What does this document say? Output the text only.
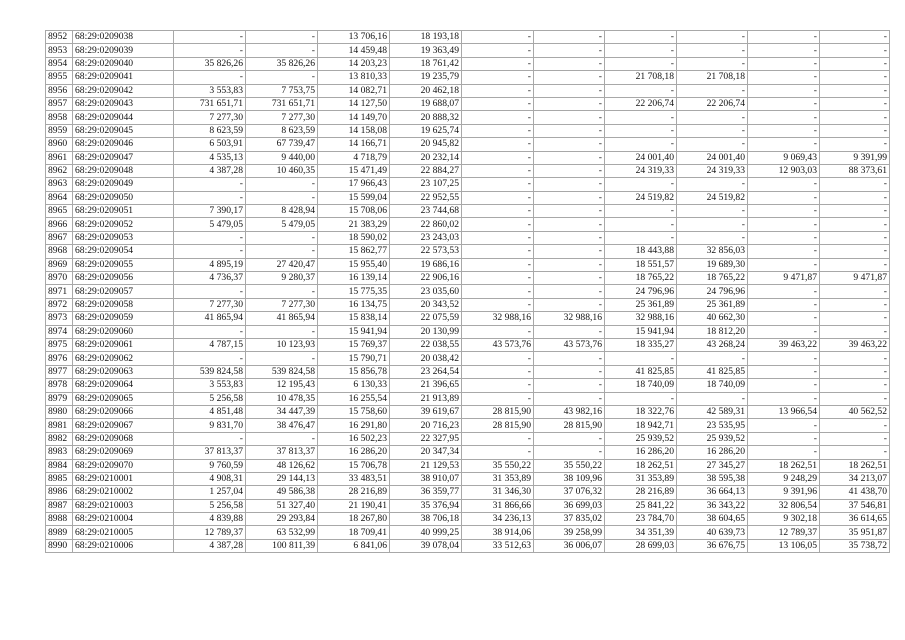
8952	68:29:0209038	-	-	13 706,16	18 193,18	-	-	-	-	-	-
8953	68:29:0209039	-	-	14 459,48	19 363,49	-	-	-	-	-	-
8954	68:29:0209040	35 826,26	35 826,26	14 203,23	18 761,42	-	-	-	-	-	-
8955	68:29:0209041	-	-	13 810,33	19 235,79	-	-	21 708,18	21 708,18	-	-
8956	68:29:0209042	3 553,83	7 753,75	14 082,71	20 462,18	-	-	-	-	-	-
8957	68:29:0209043	731 651,71	731 651,71	14 127,50	19 688,07	-	-	22 206,74	22 206,74	-	-
8958	68:29:0209044	7 277,30	7 277,30	14 149,70	20 888,32	-	-	-	-	-	-
8959	68:29:0209045	8 623,59	8 623,59	14 158,08	19 625,74	-	-	-	-	-	-
8960	68:29:0209046	6 503,91	67 739,47	14 166,71	20 945,82	-	-	-	-	-	-
8961	68:29:0209047	4 535,13	9 440,00	4 718,79	20 232,14	-	-	24 001,40	24 001,40	9 069,43	9 391,99
8962	68:29:0209048	4 387,28	10 460,35	15 471,49	22 884,27	-	-	24 319,33	24 319,33	12 903,03	88 373,61
8963	68:29:0209049	-	-	17 966,43	23 107,25	-	-	-	-	-	-
8964	68:29:0209050	-	-	15 599,04	22 952,55	-	-	24 519,82	24 519,82	-	-
8965	68:29:0209051	7 390,17	8 428,94	15 708,06	23 744,68	-	-	-	-	-	-
8966	68:29:0209052	5 479,05	5 479,05	21 383,29	22 860,02	-	-	-	-	-	-
8967	68:29:0209053	-	-	18 590,02	23 243,03	-	-	-	-	-	-
8968	68:29:0209054	-	-	15 862,77	22 573,53	-	-	18 443,88	32 856,03	-	-
8969	68:29:0209055	4 895,19	27 420,47	15 955,40	19 686,16	-	-	18 551,57	19 689,30	-	-
8970	68:29:0209056	4 736,37	9 280,37	16 139,14	22 906,16	-	-	18 765,22	18 765,22	9 471,87	9 471,87
8971	68:29:0209057	-	-	15 775,35	23 035,60	-	-	24 796,96	24 796,96	-	-
8972	68:29:0209058	7 277,30	7 277,30	16 134,75	20 343,52	-	-	25 361,89	25 361,89	-	-
8973	68:29:0209059	41 865,94	41 865,94	15 838,14	22 075,59	32 988,16	32 988,16	32 988,16	40 662,30	-	-
8974	68:29:0209060	-	-	15 941,94	20 130,99	-	-	15 941,94	18 812,20	-	-
8975	68:29:0209061	4 787,15	10 123,93	15 769,37	22 038,55	43 573,76	43 573,76	18 335,27	43 268,24	39 463,22	39 463,22
8976	68:29:0209062	-	-	15 790,71	20 038,42	-	-	-	-	-	-
8977	68:29:0209063	539 824,58	539 824,58	15 856,78	23 264,54	-	-	41 825,85	41 825,85	-	-
8978	68:29:0209064	3 553,83	12 195,43	6 130,33	21 396,65	-	-	18 740,09	18 740,09	-	-
8979	68:29:0209065	5 256,58	10 478,35	16 255,54	21 913,89	-	-	-	-	-	-
8980	68:29:0209066	4 851,48	34 447,39	15 758,60	39 619,67	28 815,90	43 982,16	18 322,76	42 589,31	13 966,54	40 562,52
8981	68:29:0209067	9 831,70	38 476,47	16 291,80	20 716,23	28 815,90	28 815,90	18 942,71	23 535,95	-	-
8982	68:29:0209068	-	-	16 502,23	22 327,95	-	-	25 939,52	25 939,52	-	-
8983	68:29:0209069	37 813,37	37 813,37	16 286,20	20 347,34	-	-	16 286,20	16 286,20	-	-
8984	68:29:0209070	9 760,59	48 126,62	15 706,78	21 129,53	35 550,22	35 550,22	18 262,51	27 345,27	18 262,51	18 262,51
8985	68:29:0210001	4 908,31	29 144,13	33 483,51	38 910,07	31 353,89	38 109,96	31 353,89	38 595,38	9 248,29	34 213,07
8986	68:29:0210002	1 257,04	49 586,38	28 216,89	36 359,77	31 346,30	37 076,32	28 216,89	36 664,13	9 391,96	41 438,70
8987	68:29:0210003	5 256,58	51 327,40	21 190,41	35 376,94	31 866,66	36 699,03	25 841,22	36 343,22	32 806,54	37 546,81
8988	68:29:0210004	4 839,88	29 293,84	18 267,80	38 706,18	34 236,13	37 835,02	23 784,70	38 604,65	9 302,18	36 614,65
8989	68:29:0210005	12 789,37	63 532,99	18 709,41	40 999,25	38 914,06	39 258,99	34 351,39	40 639,73	12 789,37	35 951,87
8990	68:29:0210006	4 387,28	100 811,39	6 841,06	39 078,04	33 512,63	36 006,07	28 699,03	36 676,75	13 106,05	35 738,72
